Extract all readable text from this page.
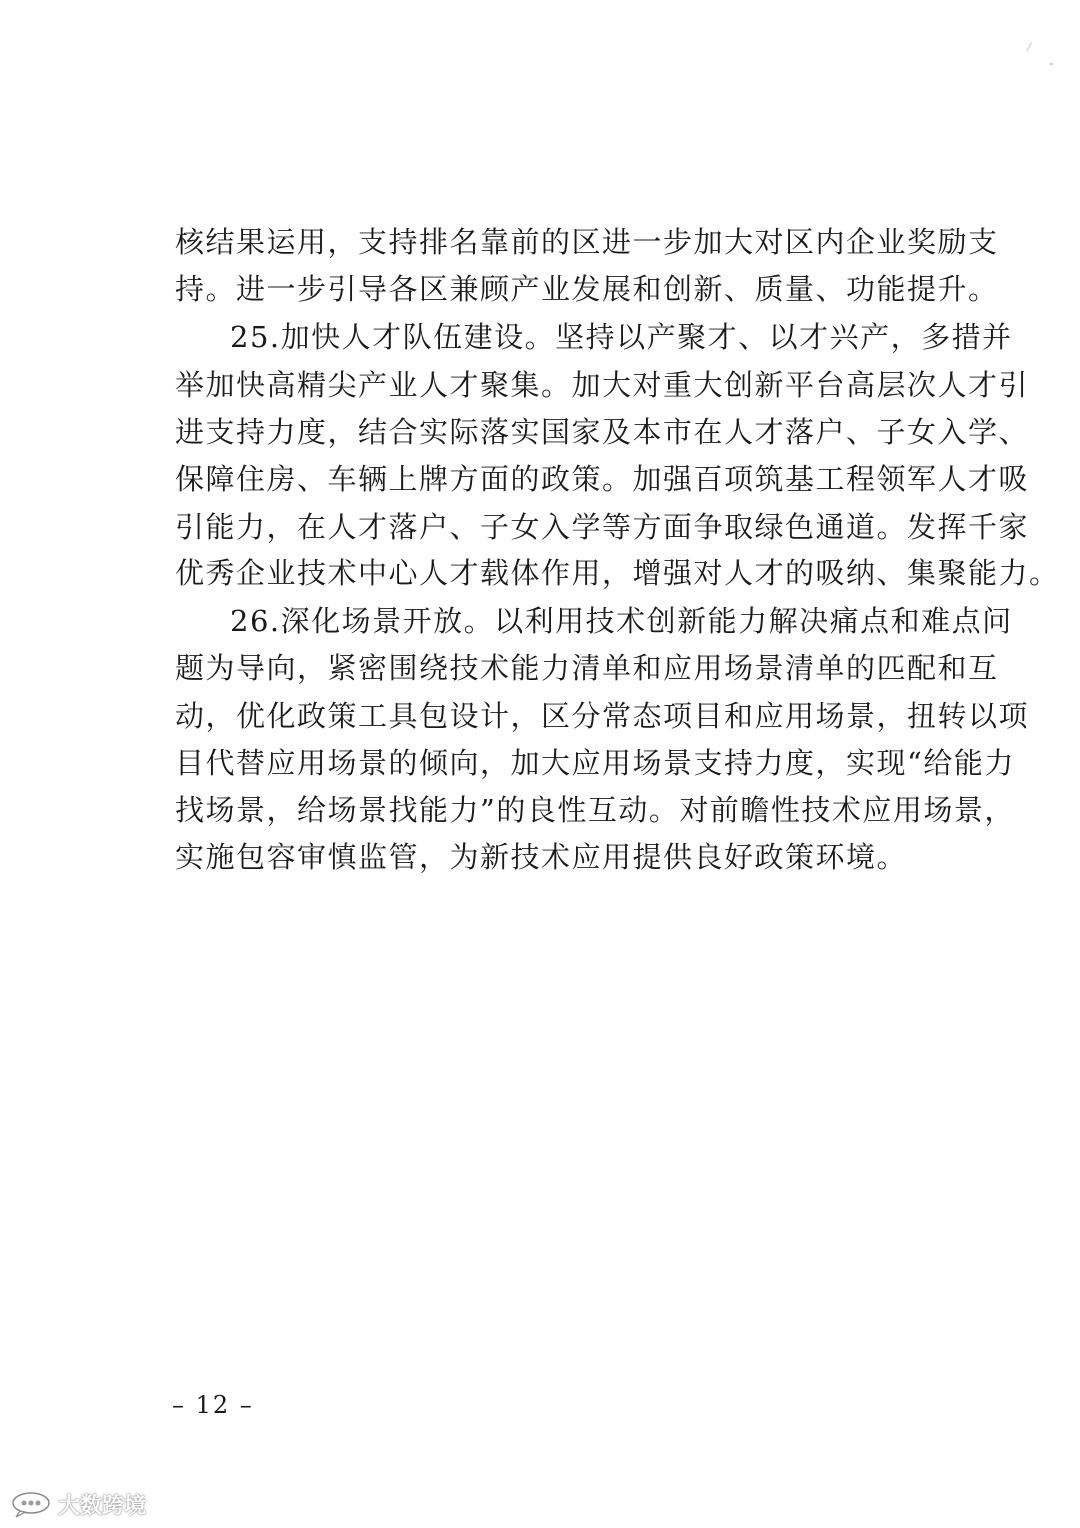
核结果运用，支持排名靠前的区进一步加大对区内企业奖励支
持。进一步引导各区兼顾产业发展和创新、质量、功能提升。
25.加快人才队伍建设。坚持以产聚才、以才兴产，多措并
举加快高精尖产业人才聚集。加大对重大创新平台高层次人才引
进支持力度，结合实际落实国家及本市在人才落户、子女入学、
保障住房、车辆上牌方面的政策。加强百项筑基工程领军人才吸
引能力，在人才落户、子女入学等方面争取绿色通道。发挥千家
优秀企业技术中心人才载体作用，增强对人才的吸纳、集聚能力。
26.深化场景开放。以利用技术创新能力解决痛点和难点问
题为导向，紧密围绕技术能力清单和应用场景清单的匹配和互
动，优化政策工具包设计，区分常态项目和应用场景，扭转以项
目代替应用场景的倾向，加大应用场景支持力度，实现“给能力
找场景，给场景找能力”的良性互动。对前瞻性技术应用场景，
实施包容审慎监管，为新技术应用提供良好政策环境。
– 12 –
大数跨境
